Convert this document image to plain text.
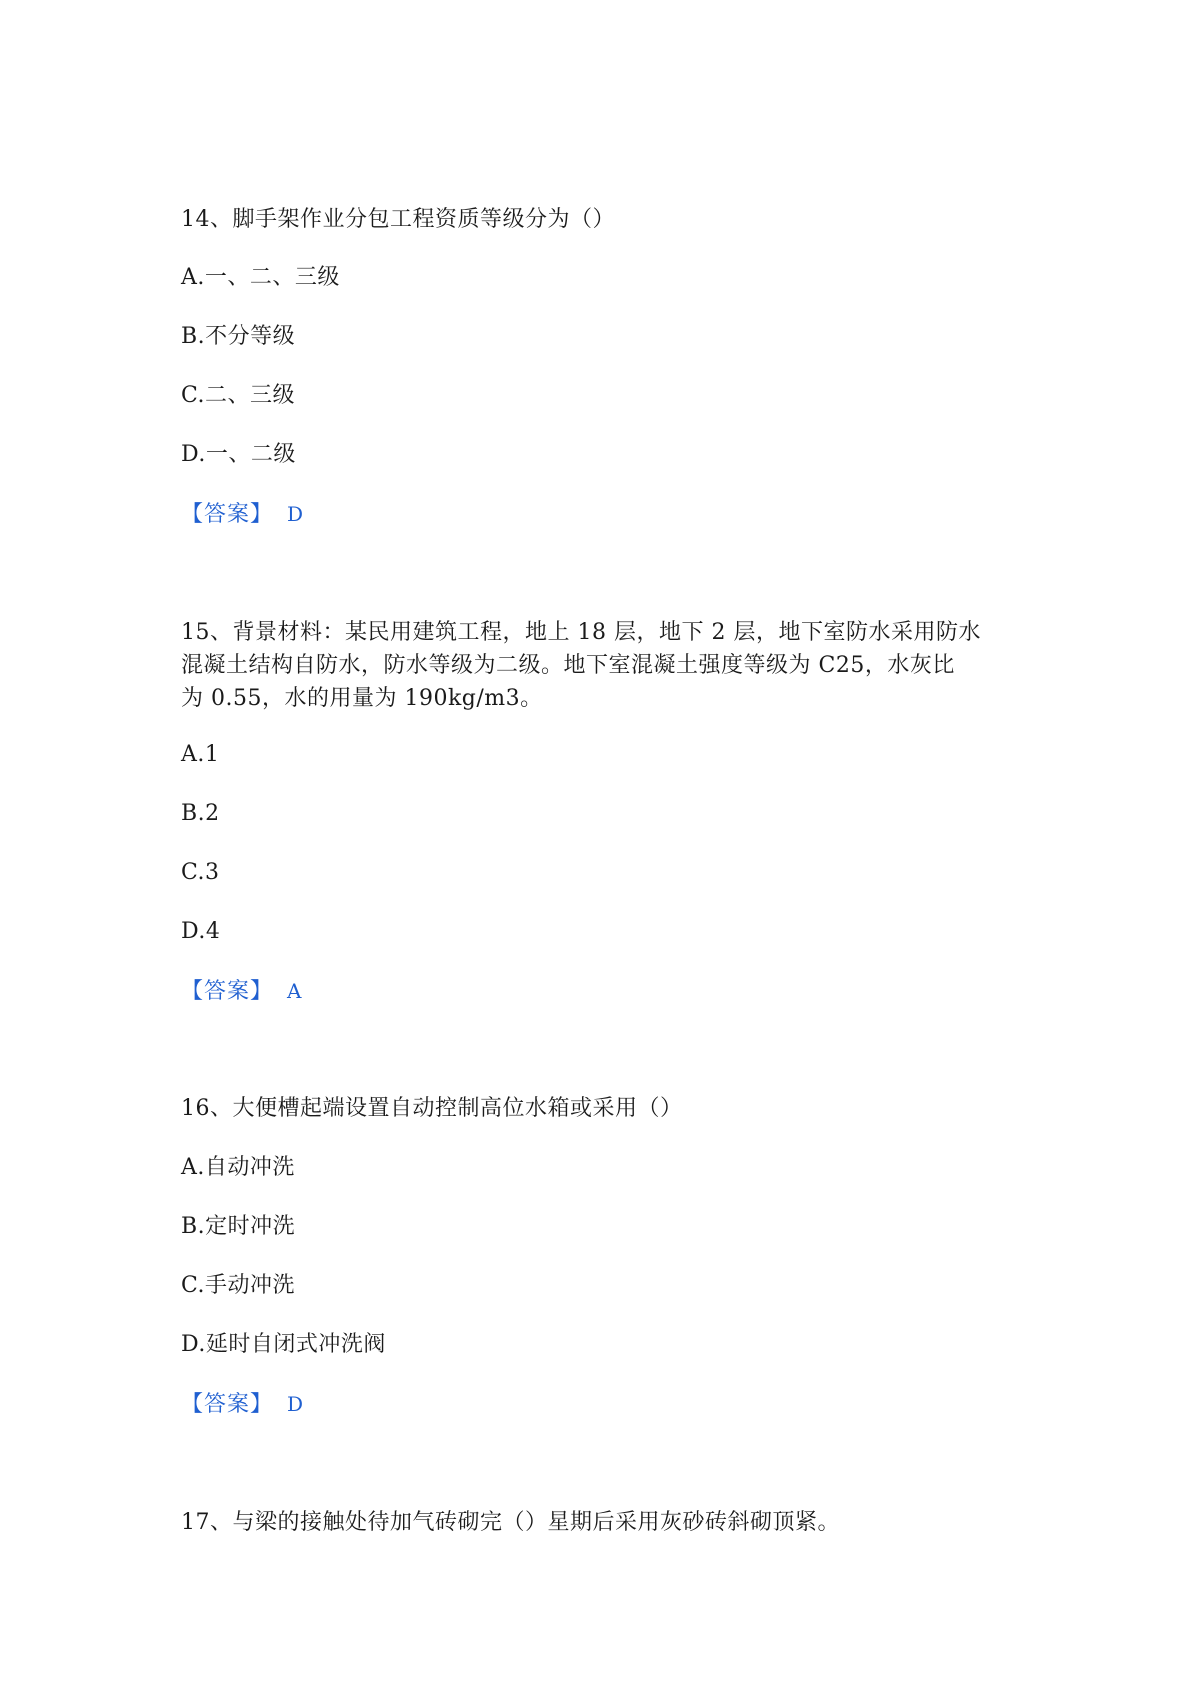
14、脚手架作业分包工程资质等级分为（）
A.一、二、三级
B.不分等级
C.二、三级
D.一、二级
【答案】 D
15、背景材料：某民用建筑工程，地上 18 层，地下 2 层，地下室防水采用防水
混凝土结构自防水，防水等级为二级。地下室混凝土强度等级为 C25，水灰比
为 0.55，水的用量为 190kg/m3。
A.1
B.2
C.3
D.4
【答案】 A
16、大便槽起端设置自动控制高位水箱或采用（）
A.自动冲洗
B.定时冲洗
C.手动冲洗
D.延时自闭式冲洗阀
【答案】 D
17、与梁的接触处待加气砖砌完（）星期后采用灰砂砖斜砌顶紧。
